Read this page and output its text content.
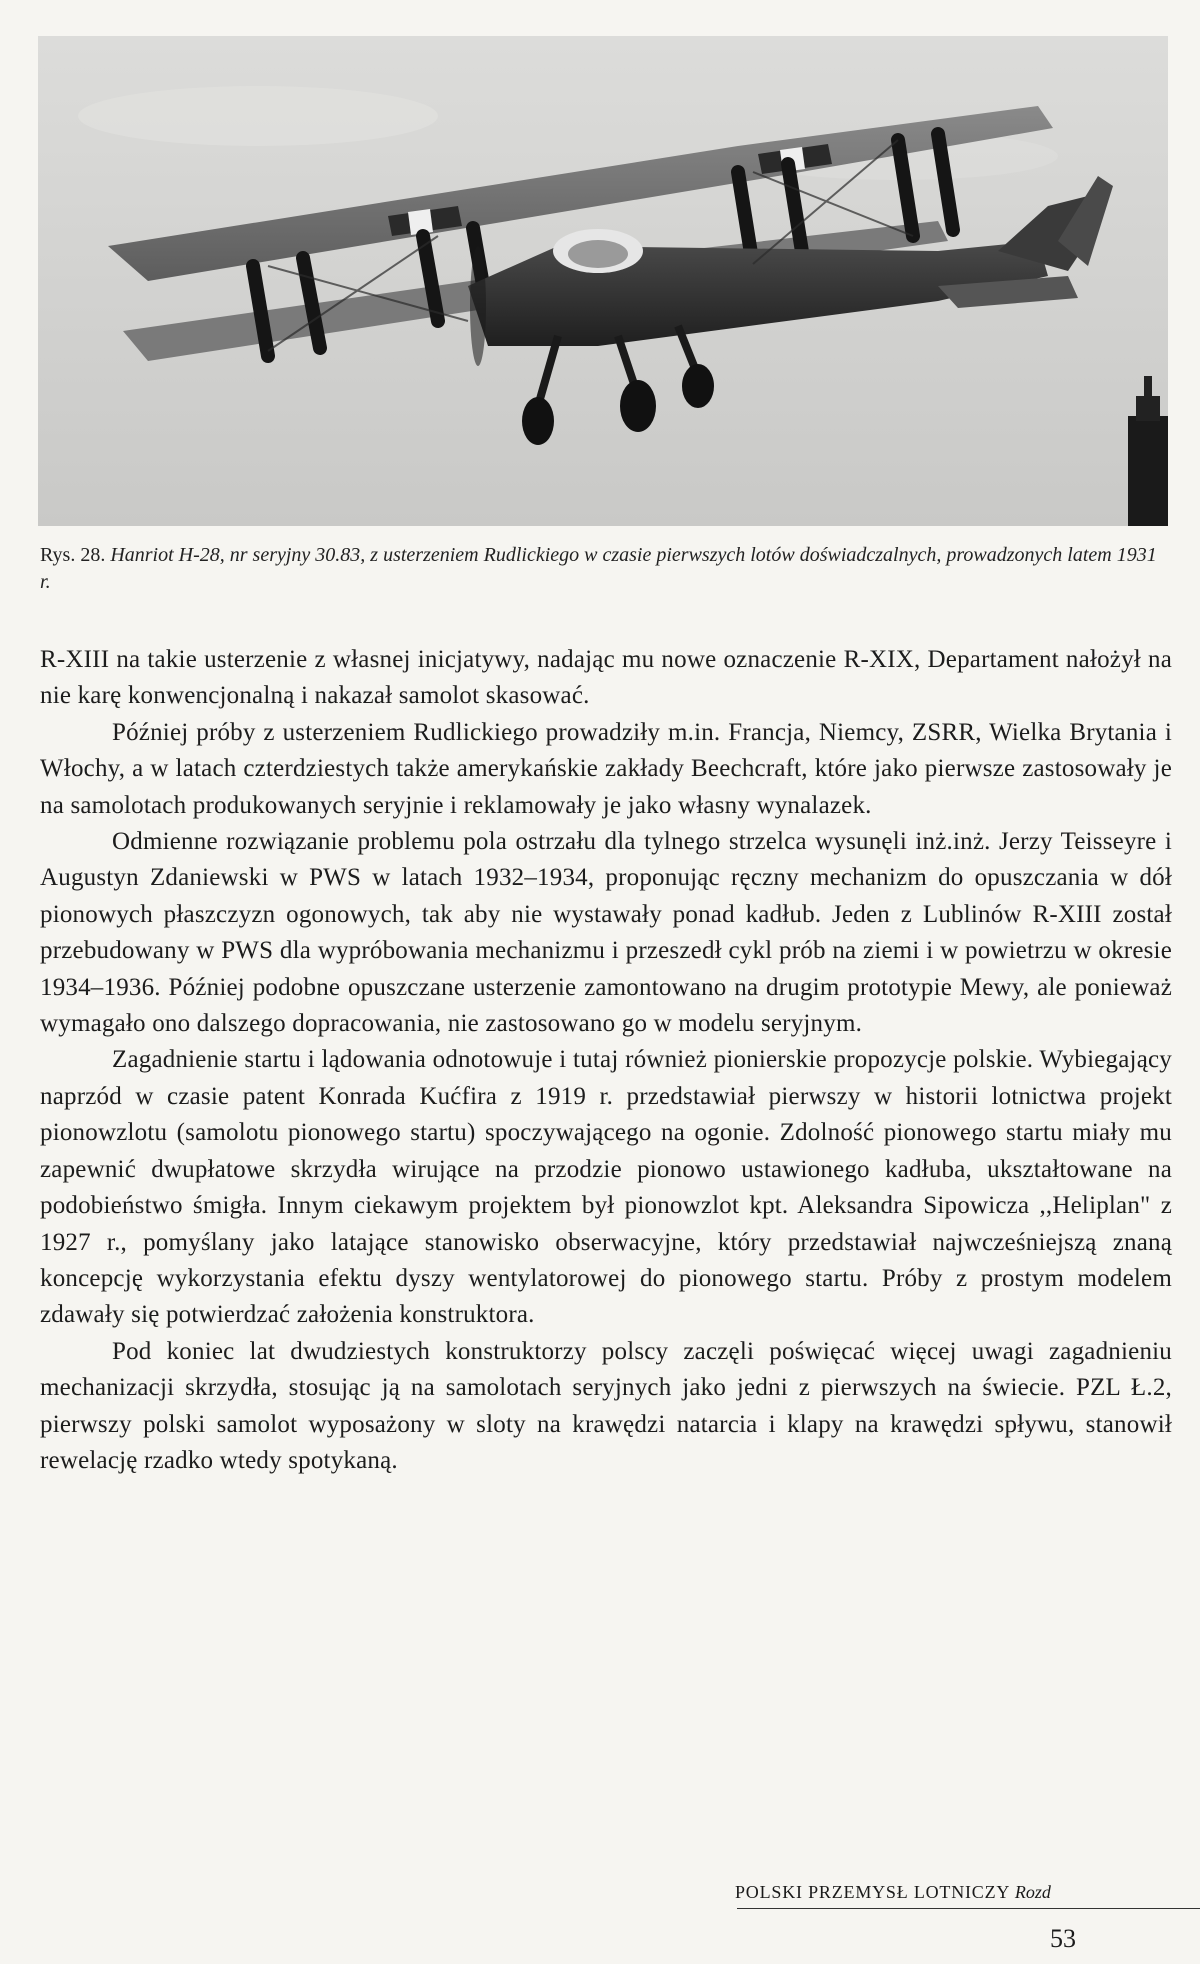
Rys. 28. Hanriot H-28, nr seryjny 30.83, z usterzeniem Rudlickiego w czasie pierwszych lotów doświadczalnych, prowadzonych latem 1931 r.

R-XIII na takie usterzenie z własnej inicjatywy, nadając mu nowe oznaczenie R-XIX, Departament nałożył na nie karę konwencjonalną i nakazał samolot skasować.

Później próby z usterzeniem Rudlickiego prowadziły m.in. Francja, Niemcy, ZSRR, Wielka Brytania i Włochy, a w latach czterdziestych także amerykańskie zakłady Beechcraft, które jako pierwsze zastosowały je na samolotach produkowanych seryjnie i reklamowały je jako własny wynalazek.

Odmienne rozwiązanie problemu pola ostrzału dla tylnego strzelca wysunęli inż.inż. Jerzy Teisseyre i Augustyn Zdaniewski w PWS w latach 1932–1934, proponując ręczny mechanizm do opuszczania w dół pionowych płaszczyzn ogonowych, tak aby nie wystawały ponad kadłub. Jeden z Lublinów R-XIII został przebudowany w PWS dla wypróbowania mechanizmu i przeszedł cykl prób na ziemi i w powietrzu w okresie 1934–1936. Później podobne opuszczane usterzenie zamontowano na drugim prototypie Mewy, ale ponieważ wymagało ono dalszego dopracowania, nie zastosowano go w modelu seryjnym.

Zagadnienie startu i lądowania odnotowuje i tutaj również pionierskie propozycje polskie. Wybiegający naprzód w czasie patent Konrada Kućfira z 1919 r. przedstawiał pierwszy w historii lotnictwa projekt pionowzlotu (samolotu pionowego startu) spoczywającego na ogonie. Zdolność pionowego startu miały mu zapewnić dwupłatowe skrzydła wirujące na przodzie pionowo ustawionego kadłuba, ukształtowane na podobieństwo śmigła. Innym ciekawym projektem był pionowzlot kpt. Aleksandra Sipowicza ,,Heliplan" z 1927 r., pomyślany jako latające stanowisko obserwacyjne, który przedstawiał najwcześniejszą znaną koncepcję wykorzystania efektu dyszy wentylatorowej do pionowego startu. Próby z prostym modelem zdawały się potwierdzać założenia konstruktora.

Pod koniec lat dwudziestych konstruktorzy polscy zaczęli poświęcać więcej uwagi zagadnieniu mechanizacji skrzydła, stosując ją na samolotach seryjnych jako jedni z pierwszych na świecie. PZL Ł.2, pierwszy polski samolot wyposażony w sloty na krawędzi natarcia i klapy na krawędzi spływu, stanowił rewelację rzadko wtedy spotykaną.

POLSKI PRZEMYSŁ LOTNICZY Rozd
53
